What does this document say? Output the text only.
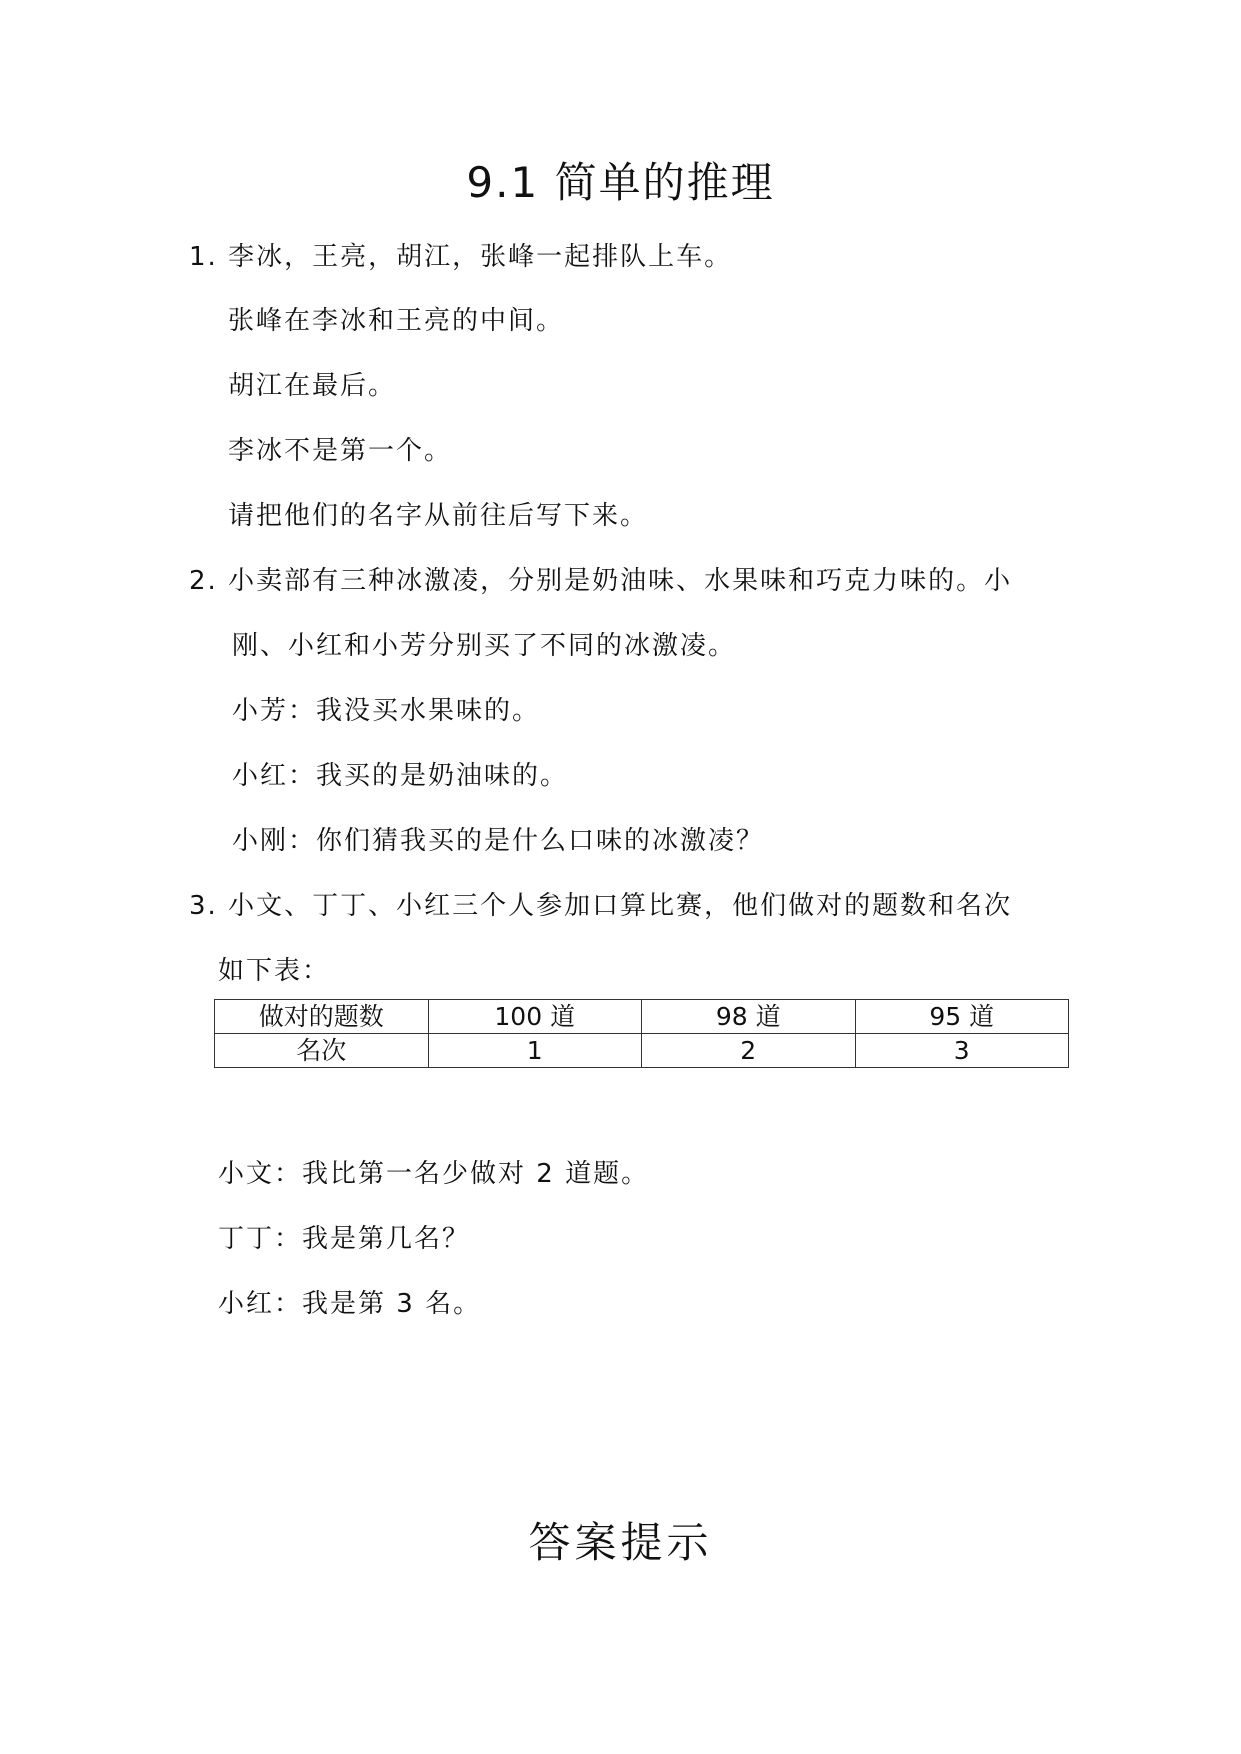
9.1 简单的推理
1. 李冰，王亮，胡江，张峰一起排队上车。
张峰在李冰和王亮的中间。
胡江在最后。
李冰不是第一个。
请把他们的名字从前往后写下来。
2. 小卖部有三种冰激凌，分别是奶油味、水果味和巧克力味的。小
刚、小红和小芳分别买了不同的冰激凌。
小芳：我没买水果味的。
小红：我买的是奶油味的。
小刚：你们猜我买的是什么口味的冰激凌？
3. 小文、丁丁、小红三个人参加口算比赛，他们做对的题数和名次
如下表：
做对的题数	100 道	98 道	95 道
名次	1	2	3
小文：我比第一名少做对 2 道题。
丁丁：我是第几名？
小红：我是第 3 名。
答案提示
